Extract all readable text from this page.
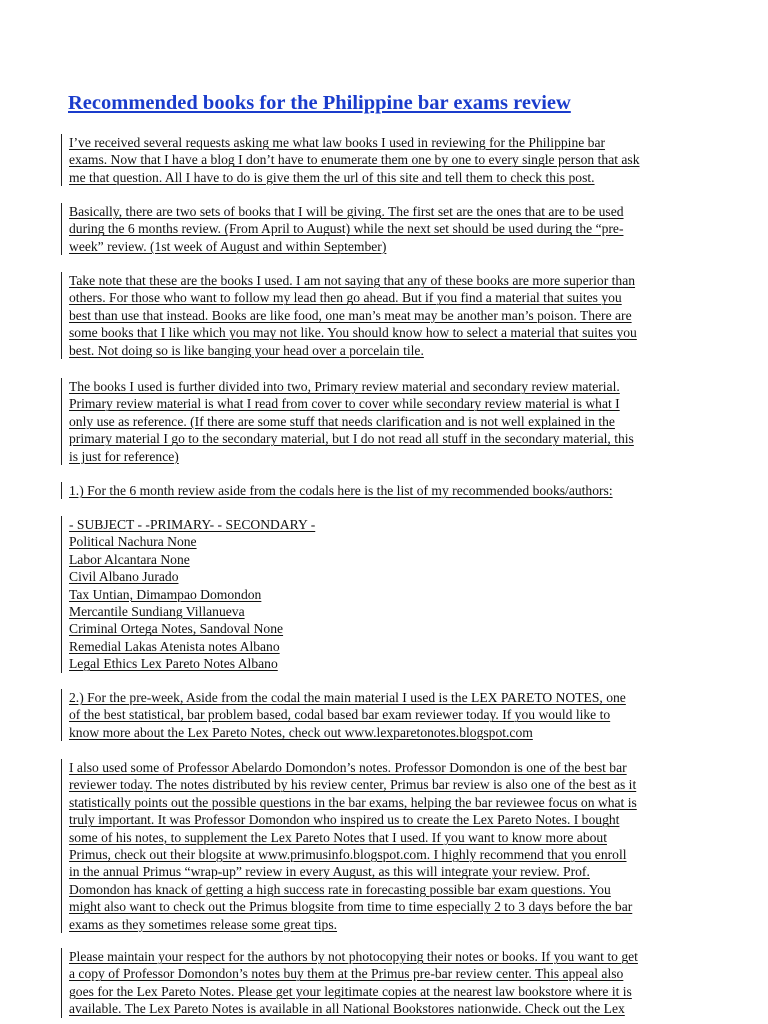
Recommended books for the Philippine bar exams review
I’ve received several requests asking me what law books I used in reviewing for the Philippine bar
exams. Now that I have a blog I don’t have to enumerate them one by one to every single person that ask
me that question. All I have to do is give them the url of this site and tell them to check this post.
Basically, there are two sets of books that I will be giving. The first set are the ones that are to be used
during the 6 months review. (From April to August) while the next set should be used during the “pre-
week” review. (1st week of August and within September)
Take note that these are the books I used. I am not saying that any of these books are more superior than
others. For those who want to follow my lead then go ahead. But if you find a material that suites you
best than use that instead. Books are like food, one man’s meat may be another man’s poison. There are
some books that I like which you may not like. You should know how to select a material that suites you
best. Not doing so is like banging your head over a porcelain tile.
The books I used is further divided into two, Primary review material and secondary review material.
Primary review material is what I read from cover to cover while secondary review material is what I
only use as reference. (If there are some stuff that needs clarification and is not well explained in the
primary material I go to the secondary material, but I do not read all stuff in the secondary material, this
is just for reference)
1.) For the 6 month review aside from the codals here is the list of my recommended books/authors:
- SUBJECT - -PRIMARY- - SECONDARY -
Political Nachura None
Labor Alcantara None
Civil Albano Jurado
Tax Untian, Dimampao Domondon
Mercantile Sundiang Villanueva
Criminal Ortega Notes, Sandoval None
Remedial Lakas Atenista notes Albano
Legal Ethics Lex Pareto Notes Albano
2.) For the pre-week, Aside from the codal the main material I used is the LEX PARETO NOTES, one
of the best statistical, bar problem based, codal based bar exam reviewer today. If you would like to
know more about the Lex Pareto Notes, check out www.lexparetonotes.blogspot.com
I also used some of Professor Abelardo Domondon’s notes. Professor Domondon is one of the best bar
reviewer today. The notes distributed by his review center, Primus bar review is also one of the best as it
statistically points out the possible questions in the bar exams, helping the bar reviewee focus on what is
truly important. It was Professor Domondon who inspired us to create the Lex Pareto Notes. I bought
some of his notes, to supplement the Lex Pareto Notes that I used. If you want to know more about
Primus, check out their blogsite at www.primusinfo.blogspot.com. I highly recommend that you enroll
in the annual Primus “wrap-up” review in every August, as this will integrate your review. Prof.
Domondon has knack of getting a high success rate in forecasting possible bar exam questions. You
might also want to check out the Primus blogsite from time to time especially 2 to 3 days before the bar
exams as they sometimes release some great tips.
Please maintain your respect for the authors by not photocopying their notes or books. If you want to get
a copy of Professor Domondon’s notes buy them at the Primus pre-bar review center. This appeal also
goes for the Lex Pareto Notes. Please get your legitimate copies at the nearest law bookstore where it is
available. The Lex Pareto Notes is available in all National Bookstores nationwide. Check out the Lex
